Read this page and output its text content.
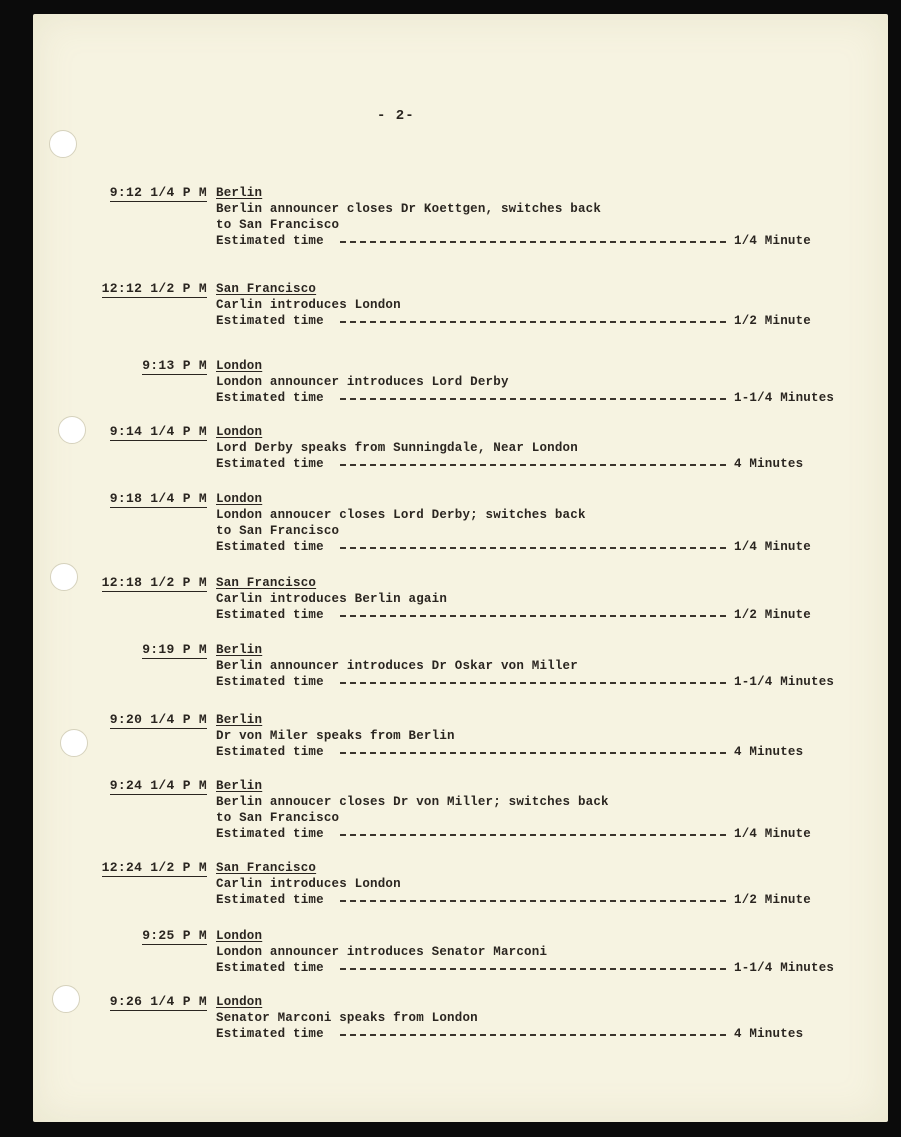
- 2-
9:12 1/4 P M Berlin
Berlin announcer closes Dr Koettgen, switches back
to San Francisco
Estimated time	1/4 Minute
12:12 1/2 P M San Francisco
Carlin introduces London
Estimated time	1/2 Minute
9:13 P M London
London announcer introduces Lord Derby
Estimated time	1-1/4 Minutes
9:14 1/4 P M London
Lord Derby speaks from Sunningdale, Near London
Estimated time	4 Minutes
9:18 1/4 P M London
London annoucer closes Lord Derby; switches back
to San Francisco
Estimated time	1/4 Minute
12:18 1/2 P M San Francisco
Carlin introduces Berlin again
Estimated time	1/2 Minute
9:19 P M Berlin
Berlin announcer introduces Dr Oskar von Miller
Estimated time	1-1/4 Minutes
9:20 1/4 P M Berlin
Dr von Miler speaks from Berlin
Estimated time	4 Minutes
9:24 1/4 P M Berlin
Berlin annoucer closes Dr von Miller; switches back
to San Francisco
Estimated time	1/4 Minute
12:24 1/2 P M San Francisco
Carlin introduces London
Estimated time	1/2 Minute
9:25 P M London
London announcer introduces Senator Marconi
Estimated time	1-1/4 Minutes
9:26 1/4 P M London
Senator Marconi speaks from London
Estimated time	4 Minutes
